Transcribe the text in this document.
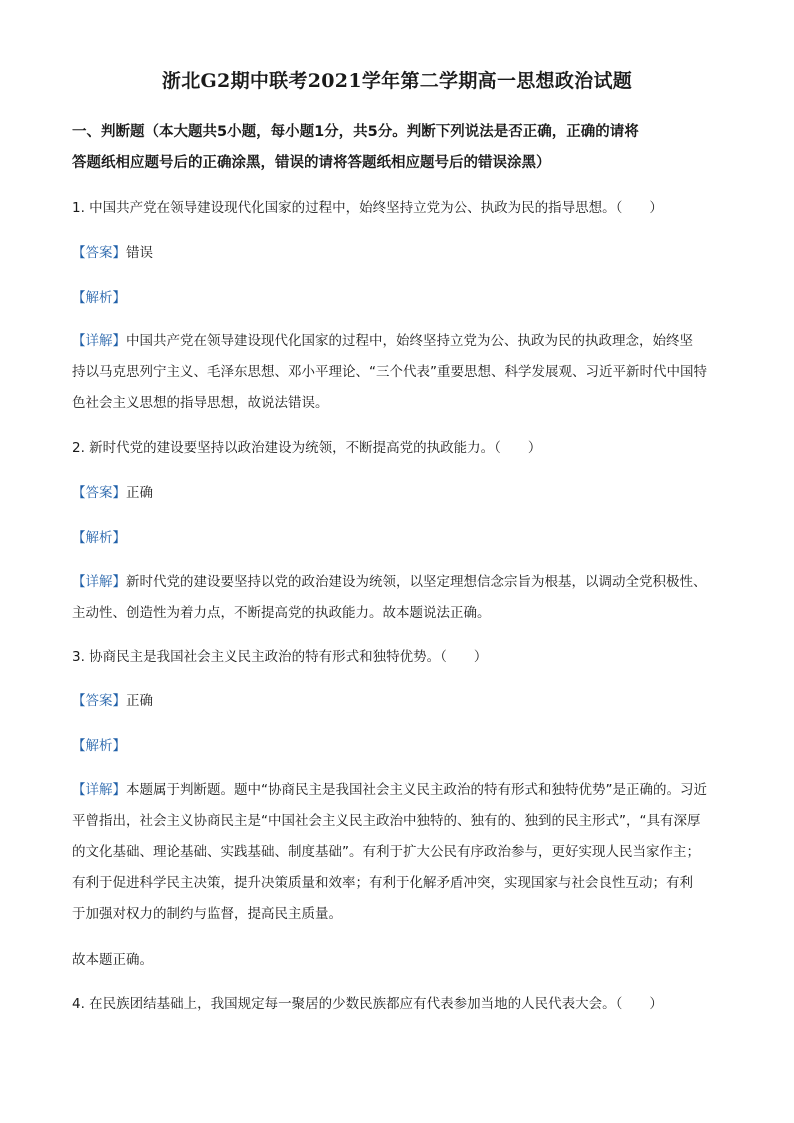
浙北G2期中联考2021学年第二学期高一思想政治试题
一、判断题（本大题共5小题，每小题1分，共5分。判断下列说法是否正确，正确的请将
答题纸相应题号后的正确涂黑，错误的请将答题纸相应题号后的错误涂黑）
1. 中国共产党在领导建设现代化国家的过程中，始终坚持立党为公、执政为民的指导思想。（　　）
【答案】错误
【解析】
【详解】中国共产党在领导建设现代化国家的过程中，始终坚持立党为公、执政为民的执政理念，始终坚
持以马克思列宁主义、毛泽东思想、邓小平理论、“三个代表”重要思想、科学发展观、习近平新时代中国特
色社会主义思想的指导思想，故说法错误。
2. 新时代党的建设要坚持以政治建设为统领，不断提高党的执政能力。（　　）
【答案】正确
【解析】
【详解】新时代党的建设要坚持以党的政治建设为统领，以坚定理想信念宗旨为根基，以调动全党积极性、
主动性、创造性为着力点，不断提高党的执政能力。故本题说法正确。
3. 协商民主是我国社会主义民主政治的特有形式和独特优势。（　　）
【答案】正确
【解析】
【详解】本题属于判断题。题中“协商民主是我国社会主义民主政治的特有形式和独特优势”是正确的。习近
平曾指出，社会主义协商民主是“中国社会主义民主政治中独特的、独有的、独到的民主形式”，“具有深厚
的文化基础、理论基础、实践基础、制度基础”。有利于扩大公民有序政治参与，更好实现人民当家作主；
有利于促进科学民主决策，提升决策质量和效率；有利于化解矛盾冲突，实现国家与社会良性互动；有利
于加强对权力的制约与监督，提高民主质量。
故本题正确。
4. 在民族团结基础上，我国规定每一聚居的少数民族都应有代表参加当地的人民代表大会。（　　）
